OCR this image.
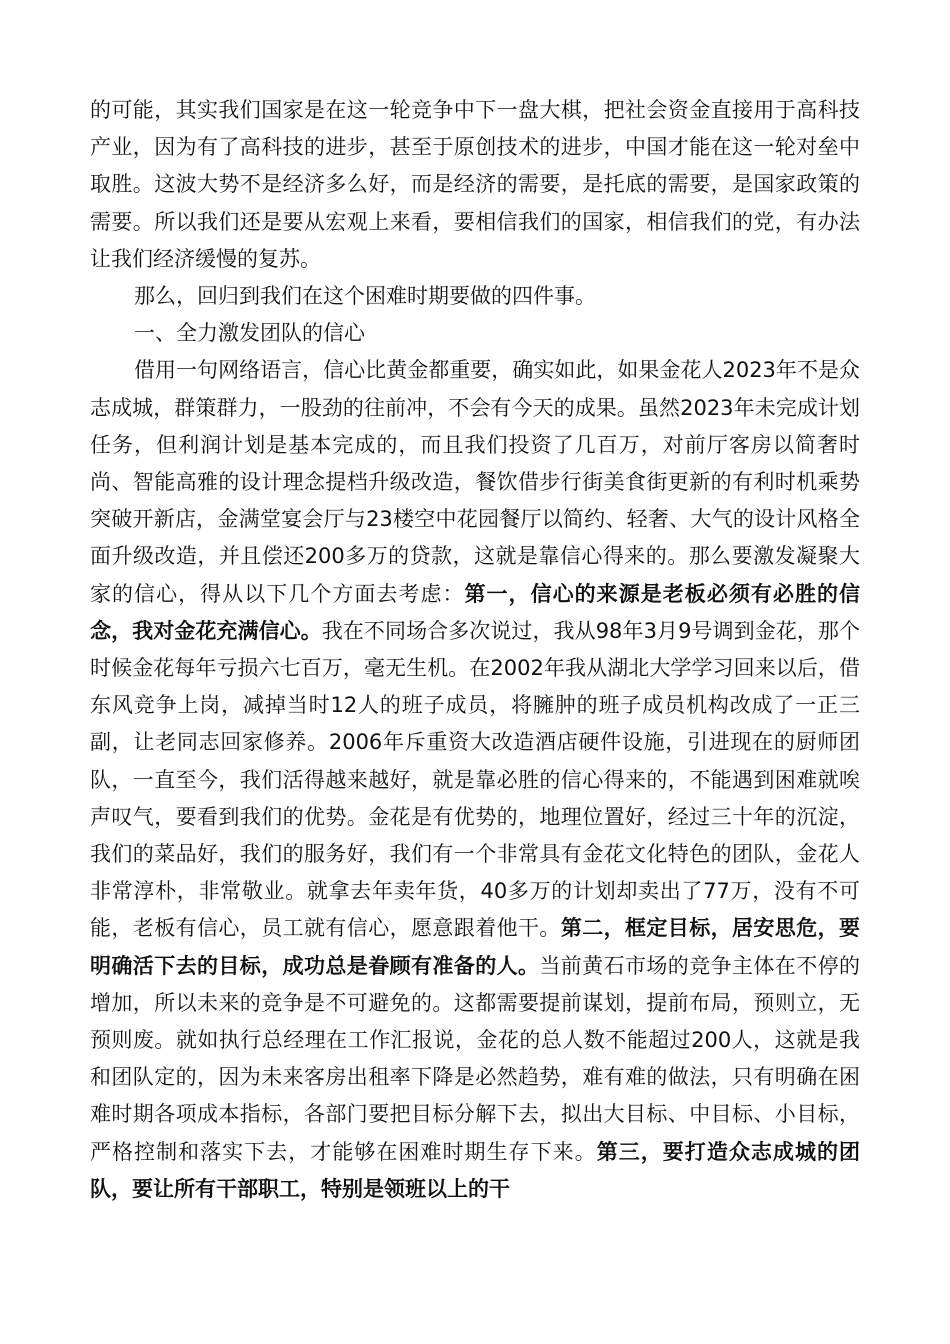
的可能，其实我们国家是在这一轮竞争中下一盘大棋，把社会资金直接用于高科技产业，因为有了高科技的进步，甚至于原创技术的进步，中国才能在这一轮对垒中取胜。这波大势不是经济多么好，而是经济的需要，是托底的需要，是国家政策的需要。所以我们还是要从宏观上来看，要相信我们的国家，相信我们的党，有办法让我们经济缓慢的复苏。

那么，回归到我们在这个困难时期要做的四件事。

一、全力激发团队的信心

借用一句网络语言，信心比黄金都重要，确实如此，如果金花人2023年不是众志成城，群策群力，一股劲的往前冲，不会有今天的成果。虽然2023年未完成计划任务，但利润计划是基本完成的，而且我们投资了几百万，对前厅客房以简奢时尚、智能高雅的设计理念提档升级改造，餐饮借步行街美食街更新的有利时机乘势突破开新店，金满堂宴会厅与23楼空中花园餐厅以简约、轻奢、大气的设计风格全面升级改造，并且偿还200多万的贷款，这就是靠信心得来的。那么要激发凝聚大家的信心，得从以下几个方面去考虑：第一，信心的来源是老板必须有必胜的信念，我对金花充满信心。我在不同场合多次说过，我从98年3月9号调到金花，那个时候金花每年亏损六七百万，毫无生机。在2002年我从湖北大学学习回来以后，借东风竞争上岗，减掉当时12人的班子成员，将臃肿的班子成员机构改成了一正三副，让老同志回家修养。2006年斥重资大改造酒店硬件设施，引进现在的厨师团队，一直至今，我们活得越来越好，就是靠必胜的信心得来的，不能遇到困难就唉声叹气，要看到我们的优势。金花是有优势的，地理位置好，经过三十年的沉淀，我们的菜品好，我们的服务好，我们有一个非常具有金花文化特色的团队，金花人非常淳朴，非常敬业。就拿去年卖年货，40多万的计划却卖出了77万，没有不可能，老板有信心，员工就有信心，愿意跟着他干。第二，框定目标，居安思危，要明确活下去的目标，成功总是眷顾有准备的人。当前黄石市场的竞争主体在不停的增加，所以未来的竞争是不可避免的。这都需要提前谋划，提前布局，预则立，无预则废。就如执行总经理在工作汇报说，金花的总人数不能超过200人，这就是我和团队定的，因为未来客房出租率下降是必然趋势，难有难的做法，只有明确在困难时期各项成本指标，各部门要把目标分解下去，拟出大目标、中目标、小目标，严格控制和落实下去，才能够在困难时期生存下来。第三，要打造众志成城的团队，要让所有干部职工，特别是领班以上的干
